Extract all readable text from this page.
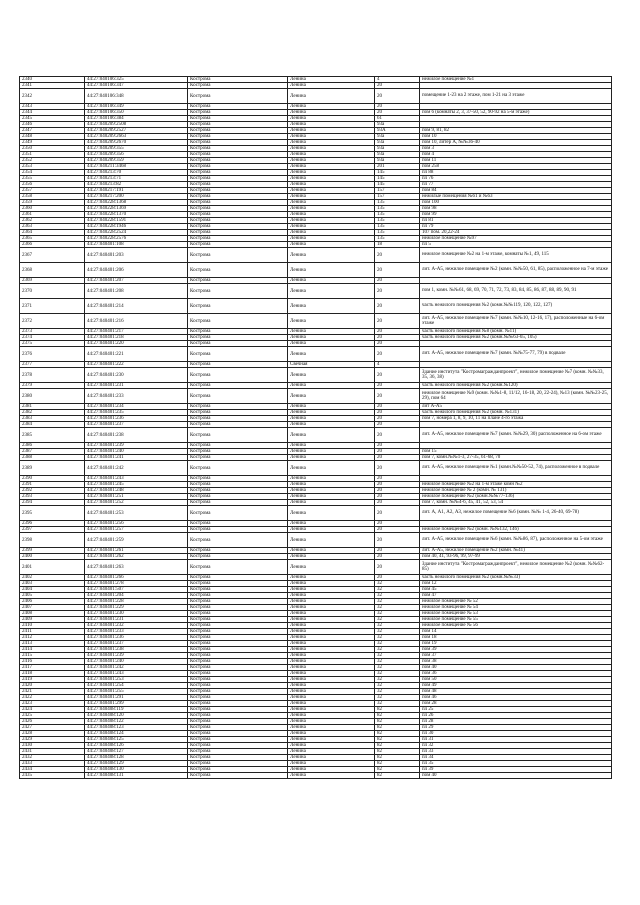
2340	44:27:040106:325	Кострома	Ленина	4	нежилое помещение №1
2341	44:27:040106:347	Кострома	Ленина	20	
2342	44:27:040106:348	Кострома	Ленина	20	помещение 1-23 на 2 этаже, пом 1-21 на 3 этаже
2343	44:27:040106:349	Кострома	Ленина	20	
2344	44:27:040106:350	Кострома	Ленина	20	пом 6 (комнаты 2, 3, 37-50, 52, 90-92 на 5-м этаже)
2345	44:27:040106:384	Кострома	Ленина	61	
2346	44:27:040209:2508	Кострома	Ленина	93а	
2347	44:27:040209:2527	Кострома	Ленина	93А	пом 9, 81, 82
2348	44:27:040209:2663	Кострома	Ленина	93а	пом 10
2349	44:27:040209:2670	Кострома	Ленина	93а	пом 10, литер А, №№36-40
2350	44:27:040209:355	Кострома	Ленина	93а	пом 3
2351	44:27:040209:356	Кострома	Ленина	93а	пом 4
2352	44:27:040209:359	Кострома	Ленина	93а	пом 11
2353	44:27:040211:3468	Кострома	Ленина	201	пом 258
2354	44:27:040213:70	Кострома	Ленина	145	пл 88
2355	44:27:040213:71	Кострома	Ленина	145	пл 76
2356	44:27:040213:82	Кострома	Ленина	145	пл 77
2357	44:27:040217:191	Кострома	Ленина	157	пом 84
2358	44:27:040217:200	Кострома	Ленина	157	нежилые помещения №61 и №63
2359	44:27:040228:1368	Кострома	Ленина	135	пом 100
2360	44:27:040228:1369	Кострома	Ленина	135	пом 98
2361	44:27:040228:1370	Кострома	Ленина	135	пом 99
2362	44:27:040228:1591	Кострома	Ленина	135	пл 81
2363	44:27:040228:1946	Кострома	Ленина	135	пл 79
2364	44:27:040228:2524	Кострома	Ленина	135	107 пом. 20,22-24
2365	44:27:040228:2576	Кострома	Ленина	135	нежилое помещение №97
2366	44:27:040401:108	Кострома	Ленина	18	пл 5
2367	44:27:040401:203	Кострома	Ленина	20	нежилое помещение №2 на 1-м этаже, комнаты №1, 49, 115
2368	44:27:040401:206	Кострома	Ленина	20	лит. А-А5, нежилое помещение №2 (комн. №№50, 61, 85), расположенное на 7-м этаже
2369	44:27:040401:207	Кострома	Ленина	20	
2370	44:27:040401:208	Кострома	Ленина	20	пом 1, комн. №№61, 68, 69, 70, 71, 72, 73, 83, 84, 85, 86, 87, 88, 89, 90, 91
2371	44:27:040401:214	Кострома	Ленина	20	часть нежилого помещения №2 (комн.№№119, 120, 122, 127)
2372	44:27:040401:216	Кострома	Ленина	20	лит. А-А5, нежилое помещение №7 (комн. №№10, 12-16, 17), расположенные на 6-ом этаже
2373	44:27:040401:217	Кострома	Ленина	20	часть нежилого помещения №8 (комн. №11)
2374	44:27:040401:218	Кострома	Ленина	20	часть нежилого помещения №2 (комн.№№63-65, 105)
2375	44:27:040401:220	Кострома	Ленина	20	
2376	44:27:040401:221	Кострома	Ленина	20	лит. А-А5, нежилое помещение №7 (комн. №№75-77, 79) в подвале
2377	44:27:040401:222	Кострома	Свечная	4	
2378	44:27:040401:230	Кострома	Ленина	20	Здание института "Костромагражданпроект", нежилое помещение №7 (комн. №№33, 35, 36, 38)
2379	44:27:040401:231	Кострома	Ленина	20	часть нежилого помещения №2 (комн.№120)
2380	44:27:040401:233	Кострома	Ленина	20	нежилое помещение №9 (комн. №№1-8, 11/12, 16-18, 20, 22-24), №13 (комн. №№23-25, 29), пом 64
2381	44:27:040401:234	Кострома	Ленина	20	лит А-А5
2382	44:27:040401:235	Кострома	Ленина	20	часть нежилого помещения №2 (комн. №131)
2383	44:27:040401:236	Кострома	Ленина	20	пом 7, номера 1, 8, 9, 10, 11 на плане 4-го этажа
2384	44:27:040401:237	Кострома	Ленина	20	
2385	44:27:040401:238	Кострома	Ленина	20	лит. А-А5, нежилое помещение №7 (комн. №№29, 30) расположенное на 6-ом этаже
2386	44:27:040401:239	Кострома	Ленина	20	
2387	44:27:040401:240	Кострома	Ленина	20	пом 15
2388	44:27:040401:241	Кострома	Ленина	20	пом 7, комн.№№1-3, 27-35, 61-68, 70
2389	44:27:040401:242	Кострома	Ленина	20	лит. А-А5, нежилое помещение №1 (комн.№№50-52, 74), расположенное в подвале
2390	44:27:040401:243	Кострома	Ленина	20	
2391	44:27:040401:245	Кострома	Ленина	20	нежилое помещение №2 на 1-м этаже комн №2
2392	44:27:040401:248	Кострома	Ленина	20	нежилое помещение № 2 (комн. № 131)
2393	44:27:040401:251	Кострома	Ленина	20	нежилое помещение №2 (комн.№№77-136)
2394	44:27:040401:252	Кострома	Ленина	20	пом 7, комн. №№4-6, 45, 41, 52, 53, 54
2395	44:27:040401:253	Кострома	Ленина	20	лит. А, А1, А2, А3, нежилое помещение №6 (комн. №№ 1-4, 26-40, 69-78)
2396	44:27:040401:256	Кострома	Ленина	20	
2397	44:27:040401:257	Кострома	Ленина	20	нежилое помещение №2 (комн. №№132, 146)
2398	44:27:040401:259	Кострома	Ленина	20	лит. А-А5, нежилое помещение №6 (комн. №№86, 87), расположенное на 5-ом этаже
2399	44:27:040401:261	Кострома	Ленина	20	лит. А-А5, нежилое помещение №2 (комн. №41)
2400	44:27:040401:262	Кострома	Ленина	20	пом 40, 41, 93-96, 99, 97-99
2401	44:27:040401:263	Кострома	Ленина	20	Здание института "Костромагражданпроект", нежилое помещение №2 (комн. №№62-85)
2402	44:27:040401:266	Кострома	Ленина	20	часть нежилого помещения №2 (комн.№№33)
2403	44:27:040401:278	Кострома	Ленина	32	пом 12
2404	44:27:040401:507	Кострома	Ленина	32	пом 45
2405	44:27:040401:204	Кострома	Ленина	32	пом 47
2406	44:27:040401:228	Кострома	Ленина	32	нежилое помещение № 52
2407	44:27:040401:229	Кострома	Ленина	32	нежилое помещение № 54
2408	44:27:040401:230	Кострома	Ленина	32	нежилое помещение № 53
2409	44:27:040401:231	Кострома	Ленина	32	нежилое помещение № 55
2410	44:27:040401:232	Кострома	Ленина	32	нежилое помещение № 56
2411	44:27:040401:233	Кострома	Ленина	32	пом 14
2412	44:27:040401:236	Кострома	Ленина	32	пом 18
2413	44:27:040401:237	Кострома	Ленина	32	пом 19
2414	44:27:040401:238	Кострома	Ленина	32	пом 39
2415	44:27:040401:239	Кострома	Ленина	32	пом 37
2416	44:27:040401:240	Кострома	Ленина	32	пом 38
2417	44:27:040401:242	Кострома	Ленина	32	пом 40
2418	44:27:040401:243	Кострома	Ленина	32	пом 36
2419	44:27:040401:253	Кострома	Ленина	32	пом 50
2420	44:27:040401:254	Кострома	Ленина	32	пом 49
2421	44:27:040401:255	Кострома	Ленина	32	пом 48
2422	44:27:040401:291	Кострома	Ленина	32	пом 46
2423	44:27:040401:299	Кострома	Ленина	32	пом 28
2424	44:27:040408:119	Кострома	Ленина	82	пл 25
2425	44:27:040408:120	Кострома	Ленина	82	пл 26
2426	44:27:040408:122	Кострома	Ленина	82	пл 28
2427	44:27:040408:123	Кострома	Ленина	82	пл 29
2428	44:27:040408:124	Кострома	Ленина	82	пл 30
2429	44:27:040408:125	Кострома	Ленина	82	пл 31
2430	44:27:040408:126	Кострома	Ленина	82	пл 32
2431	44:27:040408:127	Кострома	Ленина	82	пл 33
2432	44:27:040408:128	Кострома	Ленина	82	пл 34
2433	44:27:040408:129	Кострома	Ленина	82	пл 35
2434	44:27:040408:130	Кострома	Ленина	82	пл 39
2435	44:27:040408:131	Кострома	Ленина	82	пом 40
